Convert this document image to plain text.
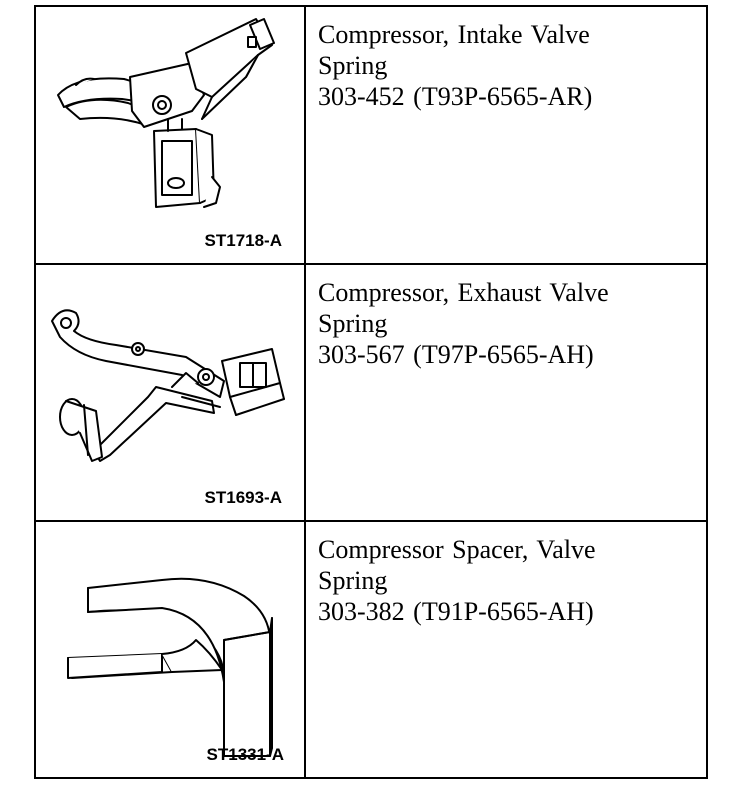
ST1718-A	Compressor, Intake Valve
Spring
303-452 (T93P-6565-AR)

ST1693-A	Compressor, Exhaust Valve
Spring
303-567 (T97P-6565-AH)

ST1331-A	Compressor Spacer, Valve
Spring
303-382 (T91P-6565-AH)
